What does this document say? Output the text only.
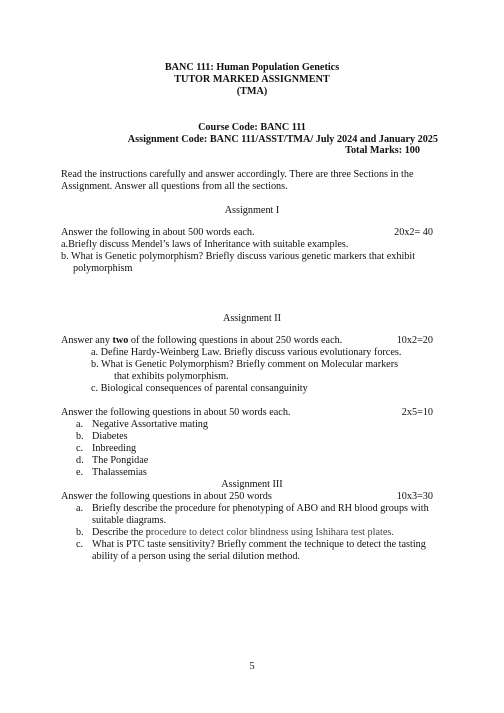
BANC 111: Human Population Genetics
TUTOR MARKED ASSIGNMENT
(TMA)
Course Code: BANC 111
Assignment Code: BANC 111/ASST/TMA/ July 2024 and January 2025
Total Marks: 100
Read the instructions carefully and answer accordingly. There are three Sections in the
Assignment. Answer all questions from all the sections.
Assignment I
Answer the following in about 500 words each.	20x2= 40
a.Briefly discuss Mendel’s laws of Inheritance with suitable examples.
b. What is Genetic polymorphism? Briefly discuss various genetic markers that exhibit
polymorphism
Assignment II
Answer any two of the following questions in about 250 words each.	10x2=20
a. Define Hardy-Weinberg Law. Briefly discuss various evolutionary forces.
b. What is Genetic Polymorphism? Briefly comment on Molecular markers
that exhibits polymorphism.
c. Biological consequences of parental consanguinity
Answer the following questions in about 50 words each.	2x5=10
a. Negative Assortative mating
b. Diabetes
c. Inbreeding
d. The Pongidae
e. Thalassemias
Assignment III
Answer the following questions in about 250 words	10x3=30
a. Briefly describe the procedure for phenotyping of ABO and RH blood groups with
suitable diagrams.
b. Describe the procedure to detect color blindness using Ishihara test plates.
c. What is PTC taste sensitivity? Briefly comment the technique to detect the tasting
ability of a person using the serial dilution method.
5
